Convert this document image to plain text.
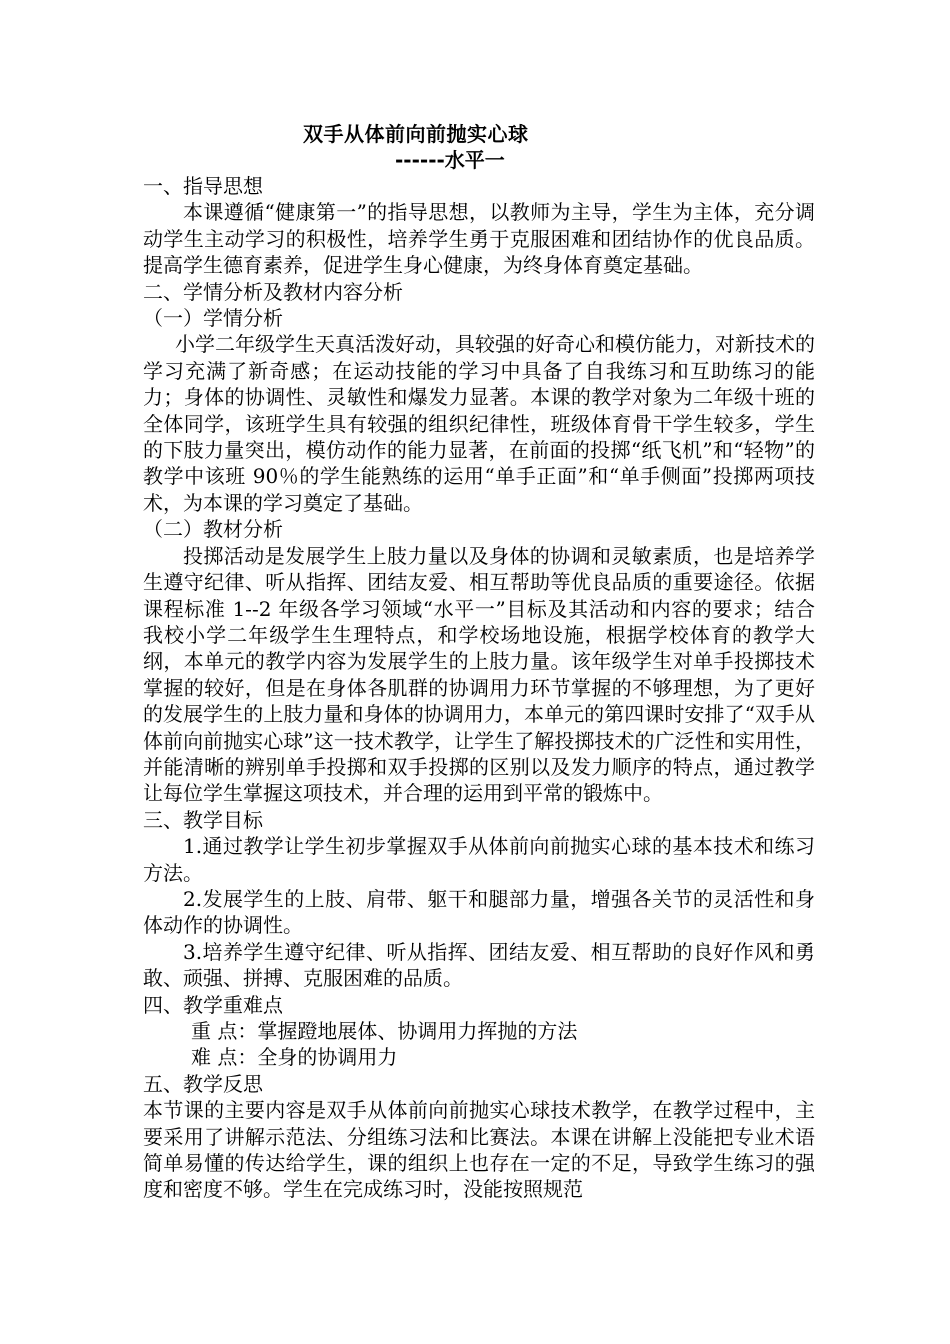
双手从体前向前抛实心球

------水平一

一、指导思想

本课遵循“健康第一”的指导思想，以教师为主导，学生为主体，充分调动学生主动学习的积极性，培养学生勇于克服困难和团结协作的优良品质。提高学生德育素养，促进学生身心健康，为终身体育奠定基础。

二、学情分析及教材内容分析

（一）学情分析

小学二年级学生天真活泼好动，具较强的好奇心和模仿能力，对新技术的学习充满了新奇感；在运动技能的学习中具备了自我练习和互助练习的能力；身体的协调性、灵敏性和爆发力显著。本课的教学对象为二年级十班的全体同学，该班学生具有较强的组织纪律性，班级体育骨干学生较多，学生的下肢力量突出，模仿动作的能力显著，在前面的投掷“纸飞机”和“轻物”的教学中该班 90％的学生能熟练的运用“单手正面”和“单手侧面”投掷两项技术，为本课的学习奠定了基础。

（二）教材分析

投掷活动是发展学生上肢力量以及身体的协调和灵敏素质，也是培养学生遵守纪律、听从指挥、团结友爱、相互帮助等优良品质的重要途径。依据课程标准 1--2 年级各学习领域“水平一”目标及其活动和内容的要求；结合我校小学二年级学生生理特点，和学校场地设施，根据学校体育的教学大纲，本单元的教学内容为发展学生的上肢力量。该年级学生对单手投掷技术掌握的较好，但是在身体各肌群的协调用力环节掌握的不够理想，为了更好的发展学生的上肢力量和身体的协调用力，本单元的第四课时安排了“双手从体前向前抛实心球”这一技术教学，让学生了解投掷技术的广泛性和实用性，并能清晰的辨别单手投掷和双手投掷的区别以及发力顺序的特点，通过教学让每位学生掌握这项技术，并合理的运用到平常的锻炼中。

三、教学目标

1.通过教学让学生初步掌握双手从体前向前抛实心球的基本技术和练习方法。

2.发展学生的上肢、肩带、躯干和腿部力量，增强各关节的灵活性和身体动作的协调性。

3.培养学生遵守纪律、听从指挥、团结友爱、相互帮助的良好作风和勇敢、顽强、拼搏、克服困难的品质。

四、教学重难点

重 点：掌握蹬地展体、协调用力挥抛的方法

难 点：全身的协调用力

五、教学反思

本节课的主要内容是双手从体前向前抛实心球技术教学，在教学过程中，主要采用了讲解示范法、分组练习法和比赛法。本课在讲解上没能把专业术语简单易懂的传达给学生，课的组织上也存在一定的不足，导致学生练习的强度和密度不够。学生在完成练习时，没能按照规范
